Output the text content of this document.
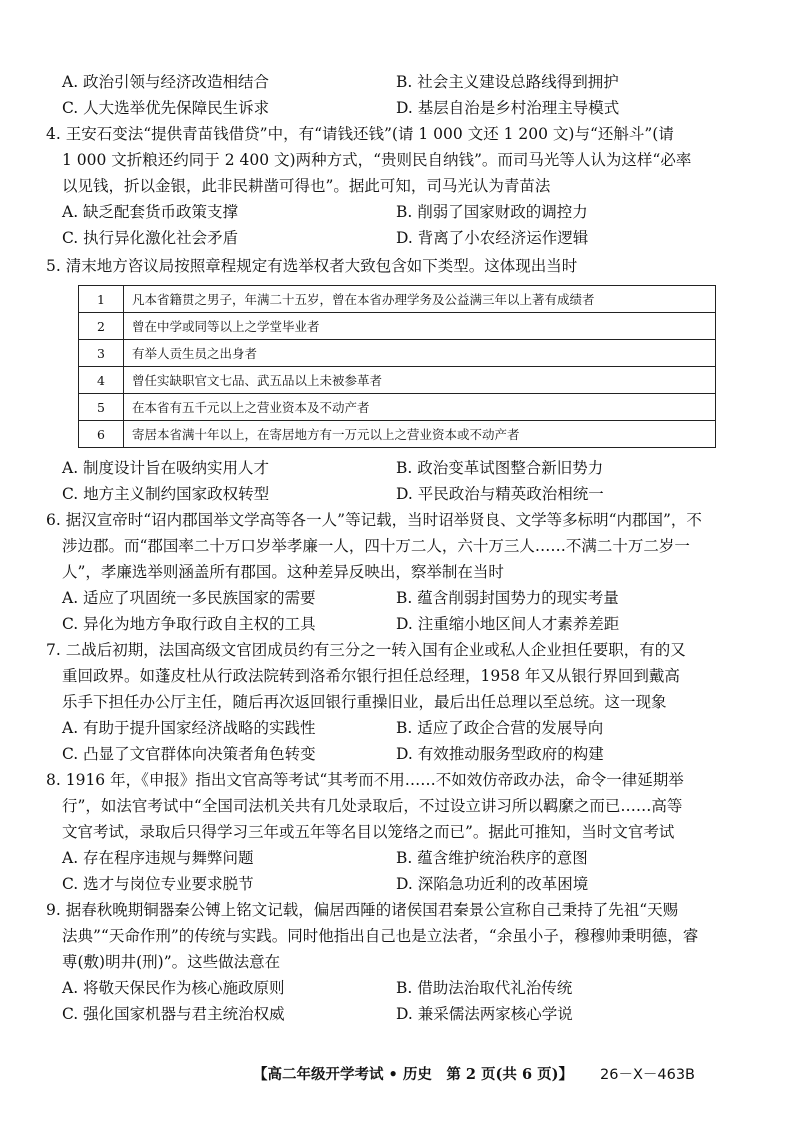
A. 政治引领与经济改造相结合	B. 社会主义建设总路线得到拥护
C. 人大选举优先保障民生诉求	D. 基层自治是乡村治理主导模式
4. 王安石变法“提供青苗钱借贷”中，有“请钱还钱”(请 1 000 文还 1 200 文)与“还斛斗”(请
1 000 文折粮还约同于 2 400 文)两种方式，“贵则民自纳钱”。而司马光等人认为这样“必率
以见钱，折以金银，此非民耕凿可得也”。据此可知，司马光认为青苗法
A. 缺乏配套货币政策支撑	B. 削弱了国家财政的调控力
C. 执行异化激化社会矛盾	D. 背离了小农经济运作逻辑
5. 清末地方咨议局按照章程规定有选举权者大致包含如下类型。这体现出当时
1	凡本省籍贯之男子，年满二十五岁，曾在本省办理学务及公益满三年以上著有成绩者
2	曾在中学或同等以上之学堂毕业者
3	有举人贡生员之出身者
4	曾任实缺职官文七品、武五品以上未被参革者
5	在本省有五千元以上之营业资本及不动产者
6	寄居本省满十年以上，在寄居地方有一万元以上之营业资本或不动产者
A. 制度设计旨在吸纳实用人才	B. 政治变革试图整合新旧势力
C. 地方主义制约国家政权转型	D. 平民政治与精英政治相统一
6. 据汉宣帝时“诏内郡国举文学高等各一人”等记载，当时诏举贤良、文学等多标明“内郡国”，不
涉边郡。而“郡国率二十万口岁举孝廉一人，四十万二人，六十万三人……不满二十万二岁一
人”，孝廉选举则涵盖所有郡国。这种差异反映出，察举制在当时
A. 适应了巩固统一多民族国家的需要	B. 蕴含削弱封国势力的现实考量
C. 异化为地方争取行政自主权的工具	D. 注重缩小地区间人才素养差距
7. 二战后初期，法国高级文官团成员约有三分之一转入国有企业或私人企业担任要职，有的又
重回政界。如蓬皮杜从行政法院转到洛希尔银行担任总经理，1958 年又从银行界回到戴高
乐手下担任办公厅主任，随后再次返回银行重操旧业，最后出任总理以至总统。这一现象
A. 有助于提升国家经济战略的实践性	B. 适应了政企合营的发展导向
C. 凸显了文官群体向决策者角色转变	D. 有效推动服务型政府的构建
8. 1916 年，《申报》指出文官高等考试“其考而不用……不如效仿帝政办法，命令一律延期举
行”，如法官考试中“全国司法机关共有几处录取后，不过设立讲习所以羁縻之而已……高等
文官考试，录取后只得学习三年或五年等名目以笼络之而已”。据此可推知，当时文官考试
A. 存在程序违规与舞弊问题	B. 蕴含维护统治秩序的意图
C. 选才与岗位专业要求脱节	D. 深陷急功近利的改革困境
9. 据春秋晚期铜器秦公镈上铭文记载，偏居西陲的诸侯国君秦景公宣称自己秉持了先祖“天赐
法典”“天命作刑”的传统与实践。同时他指出自己也是立法者，“余虽小子，穆穆帅秉明德，睿
尃(敷)明井(刑)”。这些做法意在
A. 将敬天保民作为核心施政原则	B. 借助法治取代礼治传统
C. 强化国家机器与君主统治权威	D. 兼采儒法两家核心学说
【高二年级开学考试 • 历史　第 2 页(共 6 页)】 26－X－463B
